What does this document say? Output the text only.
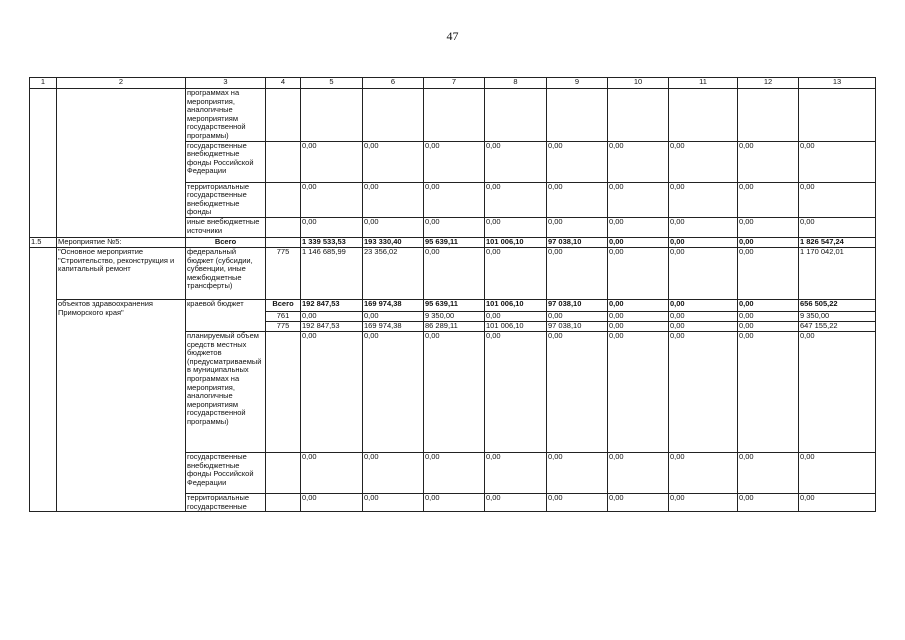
47
1	2	3	4	5	6	7	8	9	10	11	12	13
		программах на мероприятия, аналогичные мероприятиям государственной программы)										
		государственные внебюджетные фонды Российской Федерации		0,00	0,00	0,00	0,00	0,00	0,00	0,00	0,00	0,00
		территориальные государственные внебюджетные фонды		0,00	0,00	0,00	0,00	0,00	0,00	0,00	0,00	0,00
		иные внебюджетные источники		0,00	0,00	0,00	0,00	0,00	0,00	0,00	0,00	0,00
1.5	Мероприятие №5:	Всего		1 339 533,53	193 330,40	95 639,11	101 006,10	97 038,10	0,00	0,00	0,00	1 826 547,24
	"Основное мероприятие "Строительство, реконструкция и капитальный ремонт	федеральный бюджет (субсидии, субвенции, иные межбюджетные трансферты)	775	1 146 685,99	23 356,02	0,00	0,00	0,00	0,00	0,00	0,00	1 170 042,01
	объектов здравоохранения Приморского края"	краевой бюджет	Всего	192 847,53	169 974,38	95 639,11	101 006,10	97 038,10	0,00	0,00	0,00	656 505,22
			761	0,00	0,00	9 350,00	0,00	0,00	0,00	0,00	0,00	9 350,00
			775	192 847,53	169 974,38	86 289,11	101 006,10	97 038,10	0,00	0,00	0,00	647 155,22
		планируемый объем средств местных бюджетов (предусматриваемый в муниципальных программах на мероприятия, аналогичные мероприятиям государственной программы)		0,00	0,00	0,00	0,00	0,00	0,00	0,00	0,00	0,00
		государственные внебюджетные фонды Российской Федерации		0,00	0,00	0,00	0,00	0,00	0,00	0,00	0,00	0,00
		территориальные государственные		0,00	0,00	0,00	0,00	0,00	0,00	0,00	0,00	0,00
